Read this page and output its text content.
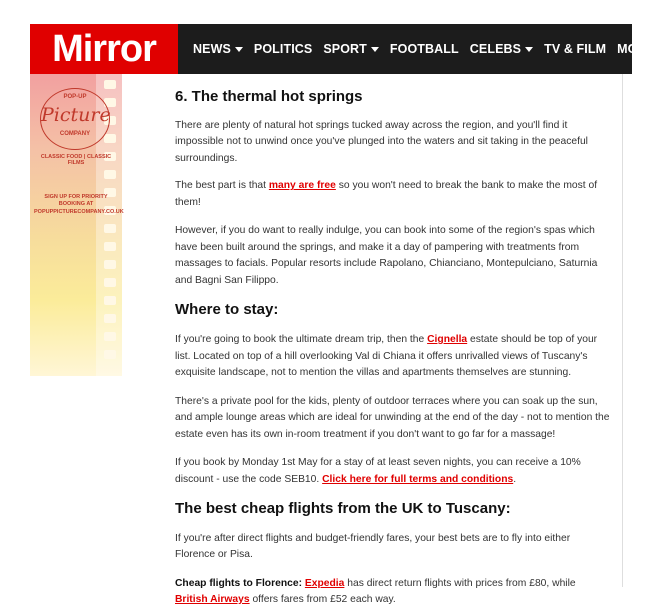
Mirror	NEWS POLITICS SPORT FOOTBALL CELEBS TV & FILM MORE
POP-UP
Picture
COMPANY
CLASSIC FOOD | CLASSIC FILMS
SIGN UP FOR PRIORITY BOOKING AT POPUPPICTURECOMPANY.CO.UK
6. The thermal hot springs

There are plenty of natural hot springs tucked away across the region, and you'll find it impossible not to unwind once you've plunged into the waters and sit taking in the peaceful surroundings.

The best part is that many are free so you won't need to break the bank to make the most of them!

However, if you do want to really indulge, you can book into some of the region's spas which have been built around the springs, and make it a day of pampering with treatments from massages to facials. Popular resorts include Rapolano, Chianciano, Montepulciano, Saturnia and Bagni San Filippo.

Where to stay:

If you're going to book the ultimate dream trip, then the Cignella estate should be top of your list. Located on top of a hill overlooking Val di Chiana it offers unrivalled views of Tuscany's exquisite landscape, not to mention the villas and apartments themselves are stunning.

There's a private pool for the kids, plenty of outdoor terraces where you can soak up the sun, and ample lounge areas which are ideal for unwinding at the end of the day - not to mention the estate even has its own in-room treatment if you don't want to go far for a massage!

If you book by Monday 1st May for a stay of at least seven nights, you can receive a 10% discount - use the code SEB10. Click here for full terms and conditions.

The best cheap flights from the UK to Tuscany:

If you're after direct flights and budget-friendly fares, your best bets are to fly into either Florence or Pisa.

Cheap flights to Florence: Expedia has direct return flights with prices from £80, while British Airways offers fares from £52 each way.
